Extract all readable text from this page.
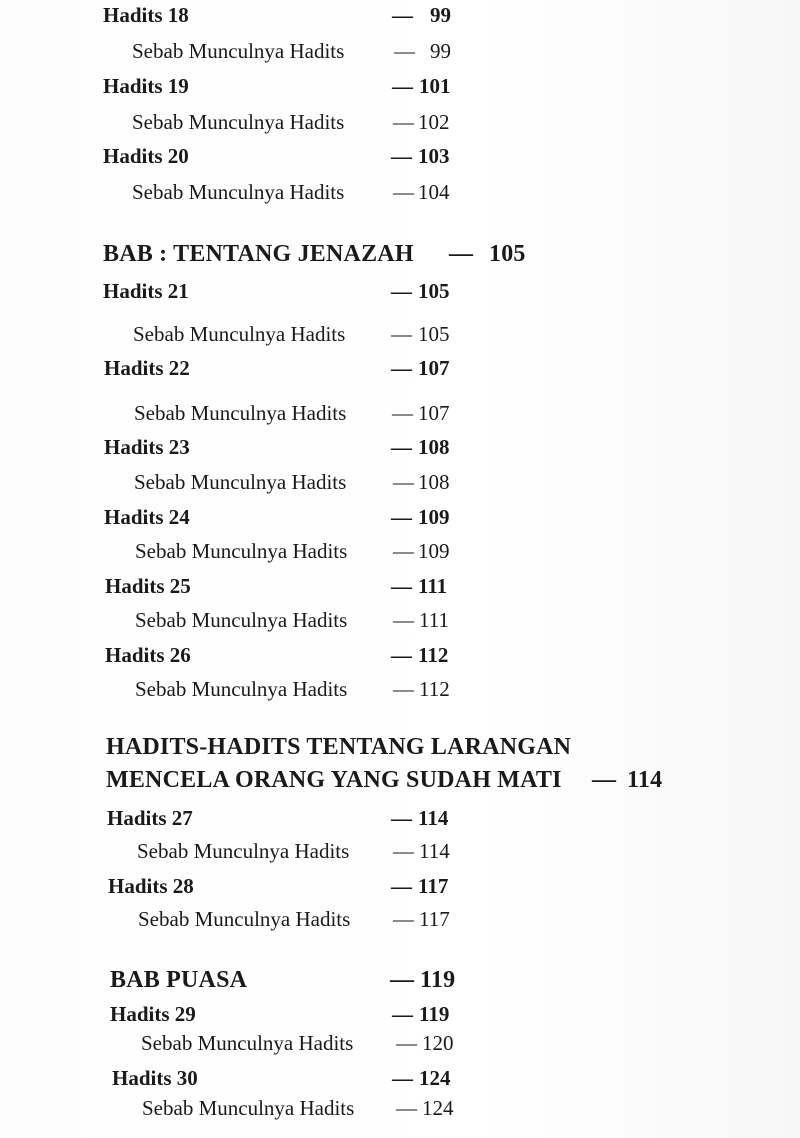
Hadits 18	— 99
Sebab Munculnya Hadits — 99
Hadits 19	— 101
Sebab Munculnya Hadits — 102
Hadits 20	— 103
Sebab Munculnya Hadits — 104
BAB : TENTANG JENAZAH — 105
Hadits 21	— 105
Sebab Munculnya Hadits — 105
Hadits 22	— 107
Sebab Munculnya Hadits — 107
Hadits 23	— 108
Sebab Munculnya Hadits — 108
Hadits 24	— 109
Sebab Munculnya Hadits — 109
Hadits 25	— 111
Sebab Munculnya Hadits — 111
Hadits 26	— 112
Sebab Munculnya Hadits — 112
HADITS-HADITS TENTANG LARANGAN
MENCELA ORANG YANG SUDAH MATI — 114
Hadits 27	— 114
Sebab Munculnya Hadits — 114
Hadits 28	— 117
Sebab Munculnya Hadits — 117
BAB PUASA	— 119
Hadits 29	— 119
Sebab Munculnya Hadits — 120
Hadits 30	— 124
Sebab Munculnya Hadits — 124
